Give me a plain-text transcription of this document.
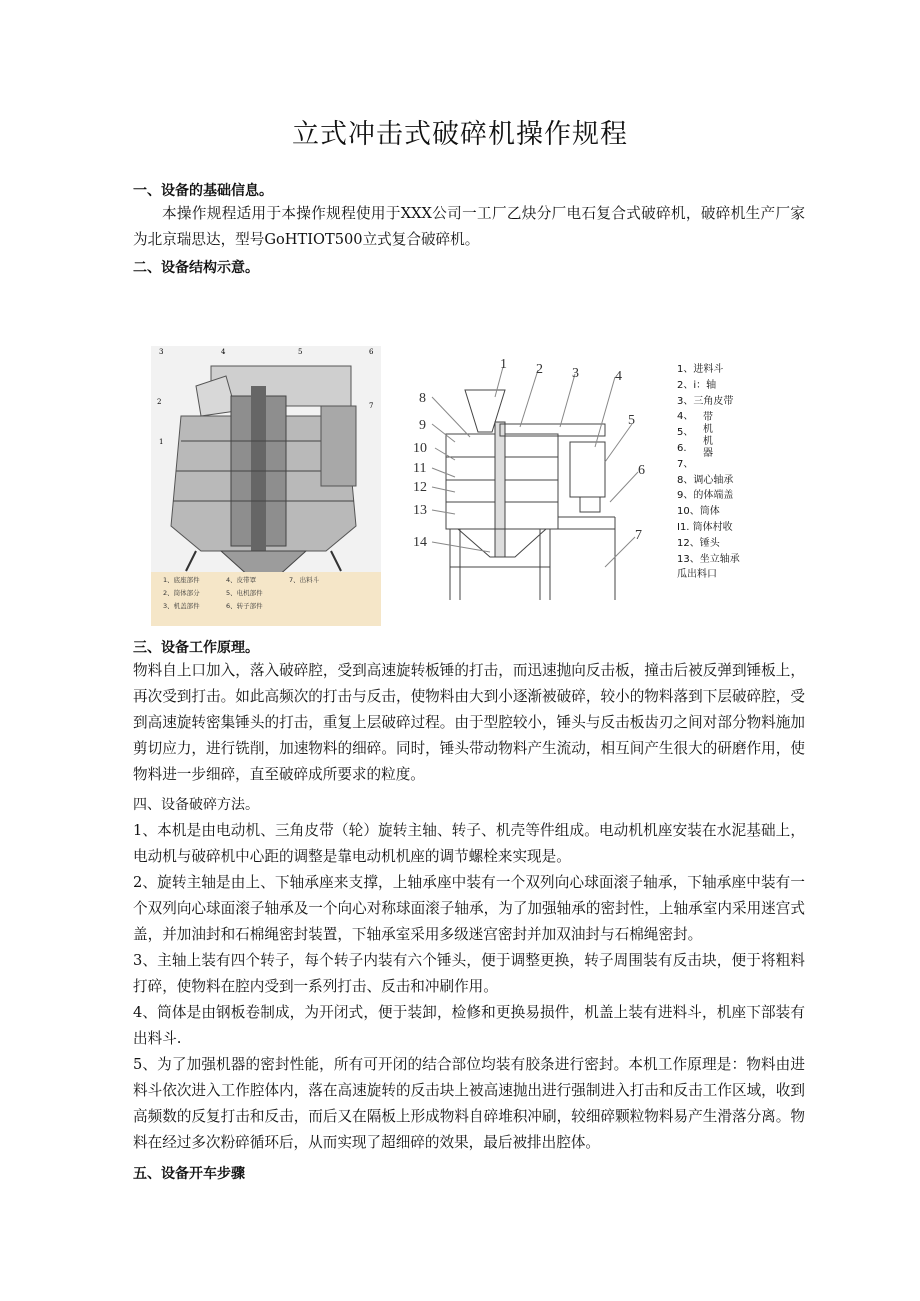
立式冲击式破碎机操作规程
一、设备的基础信息。
本操作规程适用于本操作规程使用于XXX公司一工厂乙炔分厂电石复合式破碎机，破碎机生产厂家为北京瑞思达，型号GoHTIOT500立式复合破碎机。
二、设备结构示意。
3	4	5	6
2	7
1
1、底座部件	4、皮带罩	7、出料斗
2、筒体部分	5、电机部件
3、机盖部件	6、转子部件
1 2 3	4
5
6
7
8
9
10
11
12
13
14
1、进料斗
2、i：轴
3、三角皮带
4、
5、
6.
7、
8、调心轴承
9、的体端盖
10、筒体
I1. 筒体村收
12、锤头
13、坐立轴承
瓜出料口
带
机
机
器
三、设备工作原理。
物料自上口加入，落入破碎腔，受到高速旋转板锤的打击，而迅速抛向反击板，撞击后被反弹到锤板上，再次受到打击。如此高频次的打击与反击，使物料由大到小逐渐被破碎，较小的物料落到下层破碎腔，受到高速旋转密集锤头的打击，重复上层破碎过程。由于型腔较小，锤头与反击板齿刃之间对部分物料施加剪切应力，进行铣削，加速物料的细碎。同时，锤头带动物料产生流动，相互间产生很大的研磨作用，使物料进一步细碎，直至破碎成所要求的粒度。
四、设备破碎方法。
1、本机是由电动机、三角皮带（轮）旋转主轴、转子、机壳等件组成。电动机机座安装在水泥基础上，电动机与破碎机中心距的调整是靠电动机机座的调节螺栓来实现是。
2、旋转主轴是由上、下轴承座来支撑，上轴承座中装有一个双列向心球面滚子轴承，下轴承座中装有一个双列向心球面滚子轴承及一个向心对称球面滚子轴承，为了加强轴承的密封性，上轴承室内采用迷宫式盖，并加油封和石棉绳密封装置，下轴承室采用多级迷宫密封并加双油封与石棉绳密封。
3、主轴上装有四个转子，每个转子内装有六个锤头，便于调整更换，转子周围装有反击块，便于将粗料打碎，使物料在腔内受到一系列打击、反击和冲刷作用。
4、筒体是由钢板卷制成，为开闭式，便于装卸，检修和更换易损件，机盖上装有进料斗，机座下部装有出料斗.
5、为了加强机器的密封性能，所有可开闭的结合部位均装有胶条进行密封。本机工作原理是：物料由进料斗依次进入工作腔体内，落在高速旋转的反击块上被高速抛出进行强制进入打击和反击工作区域，收到高频数的反复打击和反击，而后又在隔板上形成物料自碎堆积冲刷，较细碎颗粒物料易产生滑落分离。物料在经过多次粉碎循环后，从而实现了超细碎的效果，最后被排出腔体。
五、设备开车步骤
